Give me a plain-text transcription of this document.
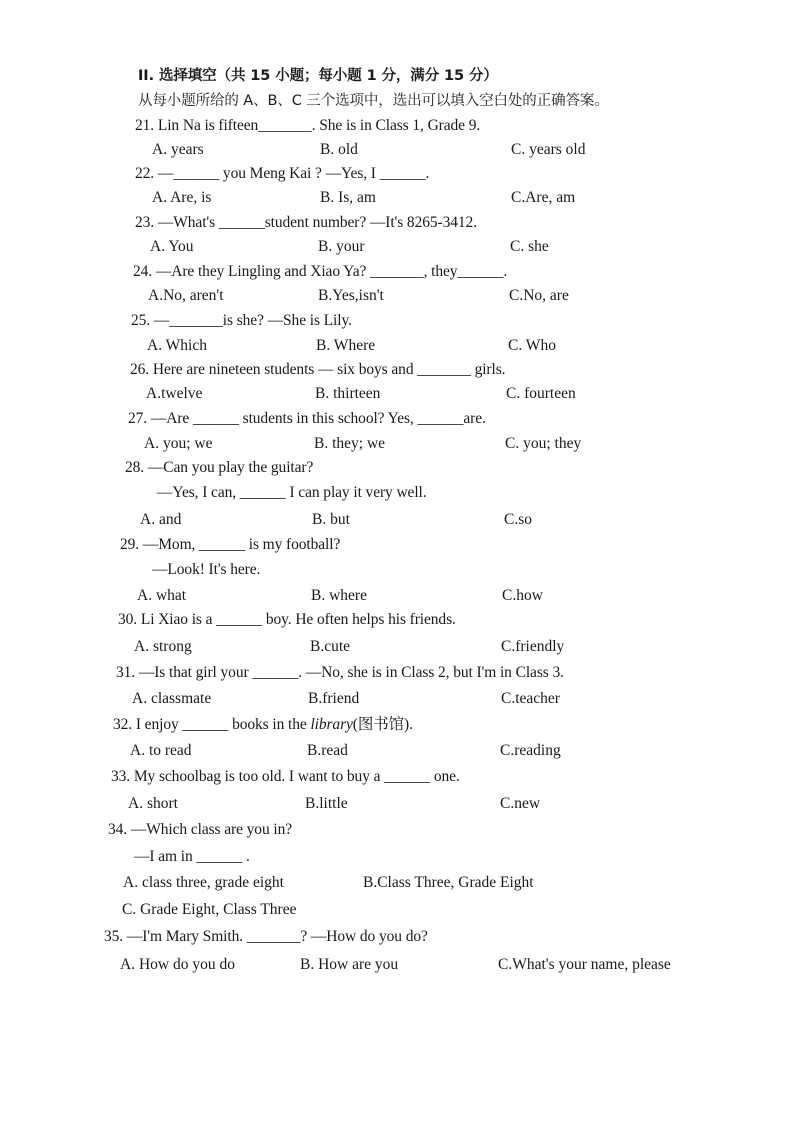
II. 选择填空（共 15 小题；每小题 1 分，满分 15 分）
从每小题所给的 A、B、C 三个选项中，选出可以填入空白处的正确答案。
21. Lin Na is fifteen_______. She is in Class 1, Grade 9.
A. years	B. old	C. years old
22. —______ you Meng Kai ? —Yes, I ______.
A. Are, is	B. Is, am	C.Are, am
23. —What's ______student number? —It's 8265-3412.
A. You	B. your	C. she
24. —Are they Lingling and Xiao Ya? _______, they______.
A.No, aren't	B.Yes,isn't	C.No, are
25. —_______is she? —She is Lily.
A. Which	B. Where	C. Who
26. Here are nineteen students — six boys and _______ girls.
A.twelve	B. thirteen	C. fourteen
27. —Are ______ students in this school? Yes, ______are.
A. you; we	B. they; we	C. you; they
28. —Can you play the guitar?
—Yes, I can, ______ I can play it very well.
A. and	B. but	C.so
29. —Mom, ______ is my football?
—Look! It's here.
A. what	B. where	C.how
30. Li Xiao is a ______ boy. He often helps his friends.
A. strong	B.cute	C.friendly
31. —Is that girl your ______. —No, she is in Class 2, but I'm in Class 3.
A. classmate	B.friend	C.teacher
32. I enjoy ______ books in the library(图书馆).
A. to read	B.read	C.reading
33. My schoolbag is too old. I want to buy a ______ one.
A. short	B.little	C.new
34. —Which class are you in?
—I am in ______ .
A. class three, grade eight	B.Class Three, Grade Eight
C. Grade Eight, Class Three
35. —I'm Mary Smith. _______? —How do you do?
A. How do you do	B. How are you	C.What's your name, please
